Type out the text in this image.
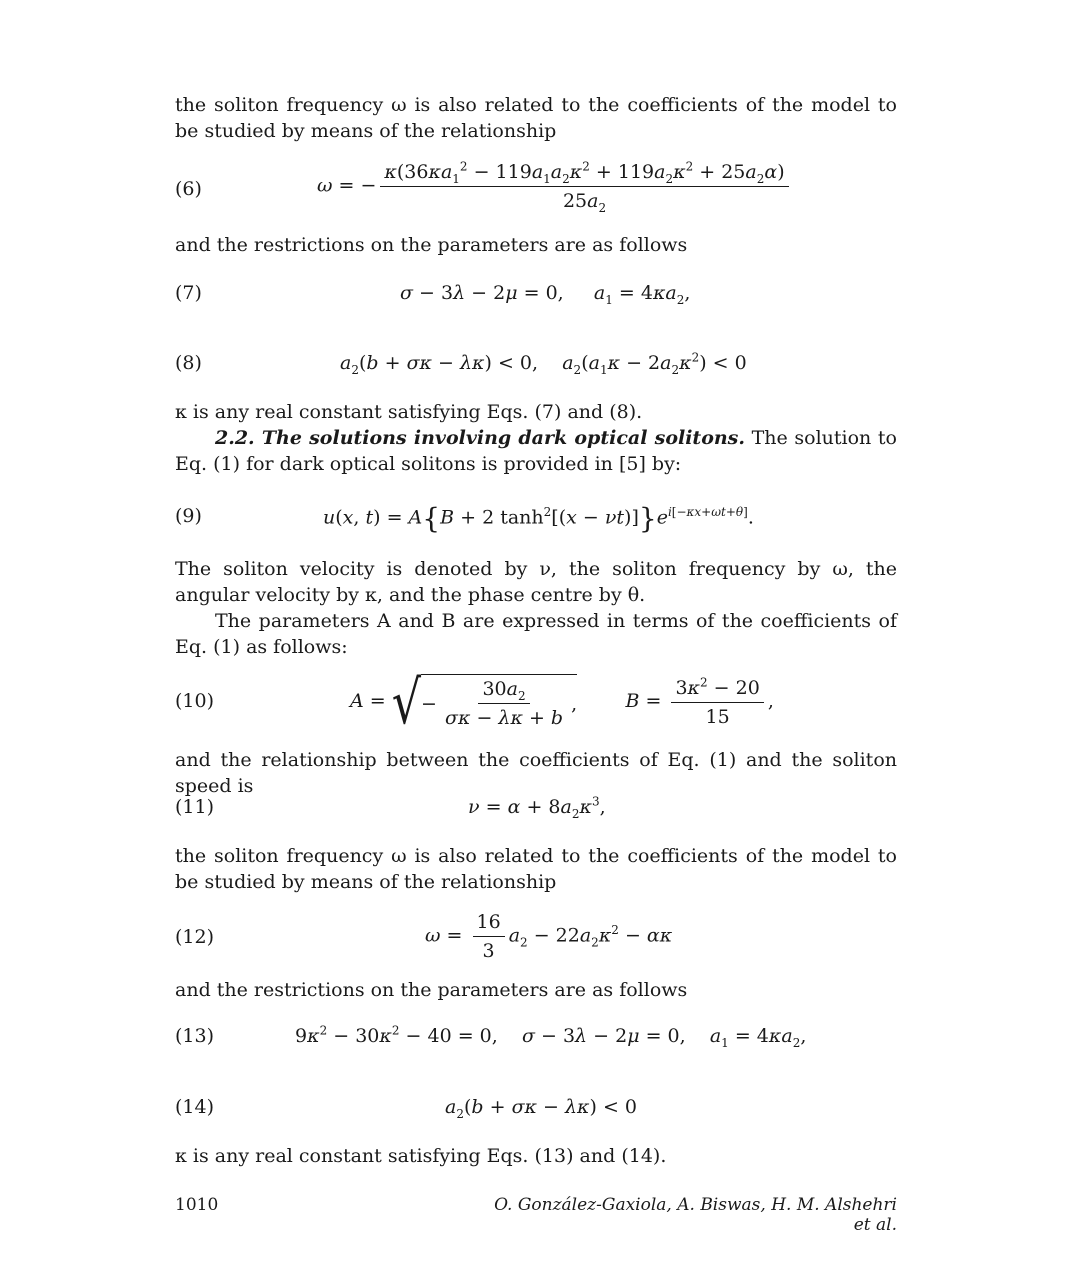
the soliton frequency ω is also related to the coefficients of the model to be studied by means of the relationship
(6)	ω = − $\frac{\kappa(36\kappa a_1^2 - 119a_1a_2\kappa^2 + 119a_2\kappa^2 + 25a_2\alpha)}{25a_2}$
and the restrictions on the parameters are as follows
(7)	σ − 3λ − 2μ = 0,     $a_1 = 4\kappa a_2$,
(8)	$a_2(b + \sigma\kappa - \lambda\kappa) < 0$,    $a_2(a_1\kappa - 2a_2\kappa^2) < 0$
κ is any real constant satisfying Eqs. (7) and (8).
2.2. The solutions involving dark optical solitons. The solution to Eq. (1) for dark optical solitons is provided in [5] by:
(9)	u(x, t) = A{B + 2 $\tanh^2[(x - \nu t)]\}e^{i[-\kappa x+\omega t+\theta]}$.
The soliton velocity is denoted by ν, the soliton frequency by ω, the angular velocity by κ, and the phase centre by θ.
The parameters A and B are expressed in terms of the coefficients of Eq. (1) as follows:
(10)	A = √ − $\frac{30a_2}{\sigma\kappa - \lambda\kappa + b}$ ,	$B = \frac{3\kappa^2 - 20}{15}$ ,
and the relationship between the coefficients of Eq. (1) and the soliton speed is
(11)	$\nu = \alpha + 8a_2\kappa^3$,
the soliton frequency ω is also related to the coefficients of the model to be studied by means of the relationship
(12)	$\omega = \frac{16}{3} a_2 - 22a_2\kappa^2 - \alpha\kappa$
and the restrictions on the parameters are as follows
(13)	$9\kappa^2 - 30\kappa^2 - 40 = 0$,    σ − 3λ − 2μ = 0,    $a_1 = 4\kappa a_2$,
(14)	$a_2(b + \sigma\kappa - \lambda\kappa) < 0$
κ is any real constant satisfying Eqs. (13) and (14).
1010	O. González-Gaxiola, A. Biswas, H. M. Alshehri et al.
